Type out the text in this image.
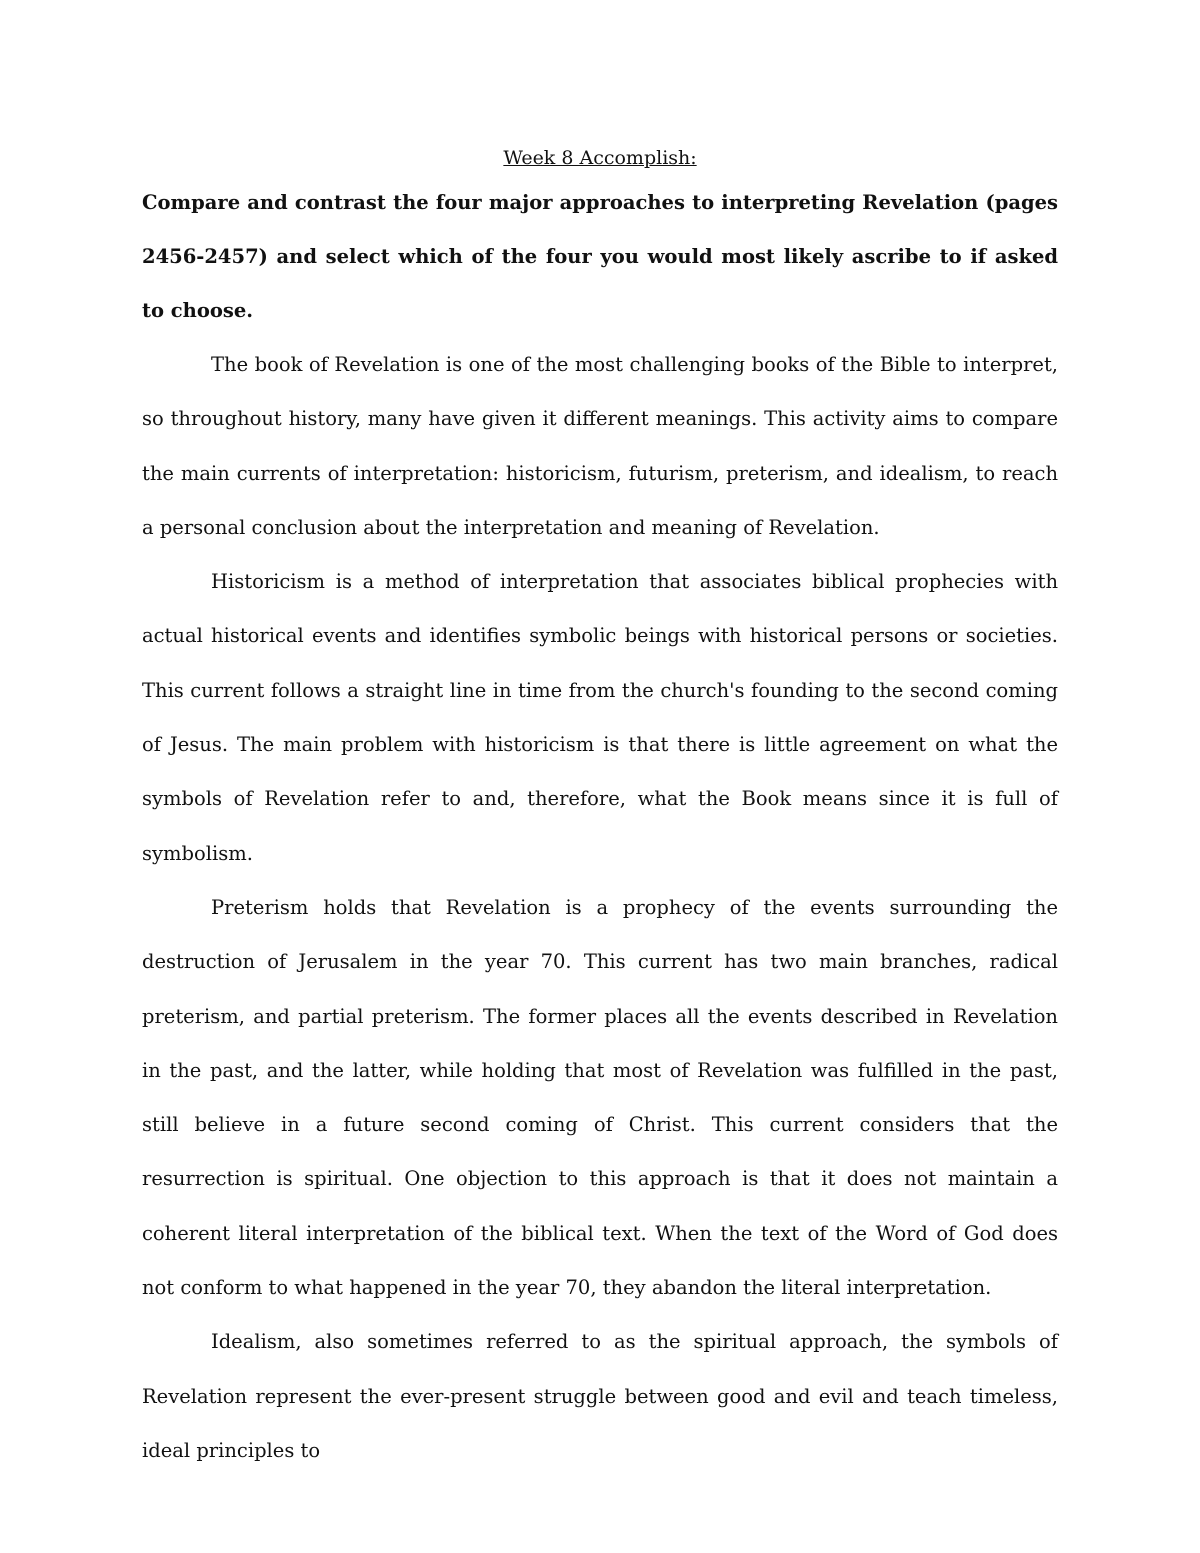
Week 8 Accomplish:

Compare and contrast the four major approaches to interpreting Revelation (pages 2456-2457) and select which of the four you would most likely ascribe to if asked to choose.

The book of Revelation is one of the most challenging books of the Bible to interpret, so throughout history, many have given it different meanings. This activity aims to compare the main currents of interpretation: historicism, futurism, preterism, and idealism, to reach a personal conclusion about the interpretation and meaning of Revelation.

Historicism is a method of interpretation that associates biblical prophecies with actual historical events and identifies symbolic beings with historical persons or societies. This current follows a straight line in time from the church's founding to the second coming of Jesus. The main problem with historicism is that there is little agreement on what the symbols of Revelation refer to and, therefore, what the Book means since it is full of symbolism.

Preterism holds that Revelation is a prophecy of the events surrounding the destruction of Jerusalem in the year 70. This current has two main branches, radical preterism, and partial preterism. The former places all the events described in Revelation in the past, and the latter, while holding that most of Revelation was fulfilled in the past, still believe in a future second coming of Christ. This current considers that the resurrection is spiritual. One objection to this approach is that it does not maintain a coherent literal interpretation of the biblical text. When the text of the Word of God does not conform to what happened in the year 70, they abandon the literal interpretation.

Idealism, also sometimes referred to as the spiritual approach, the symbols of Revelation represent the ever-present struggle between good and evil and teach timeless, ideal principles to
